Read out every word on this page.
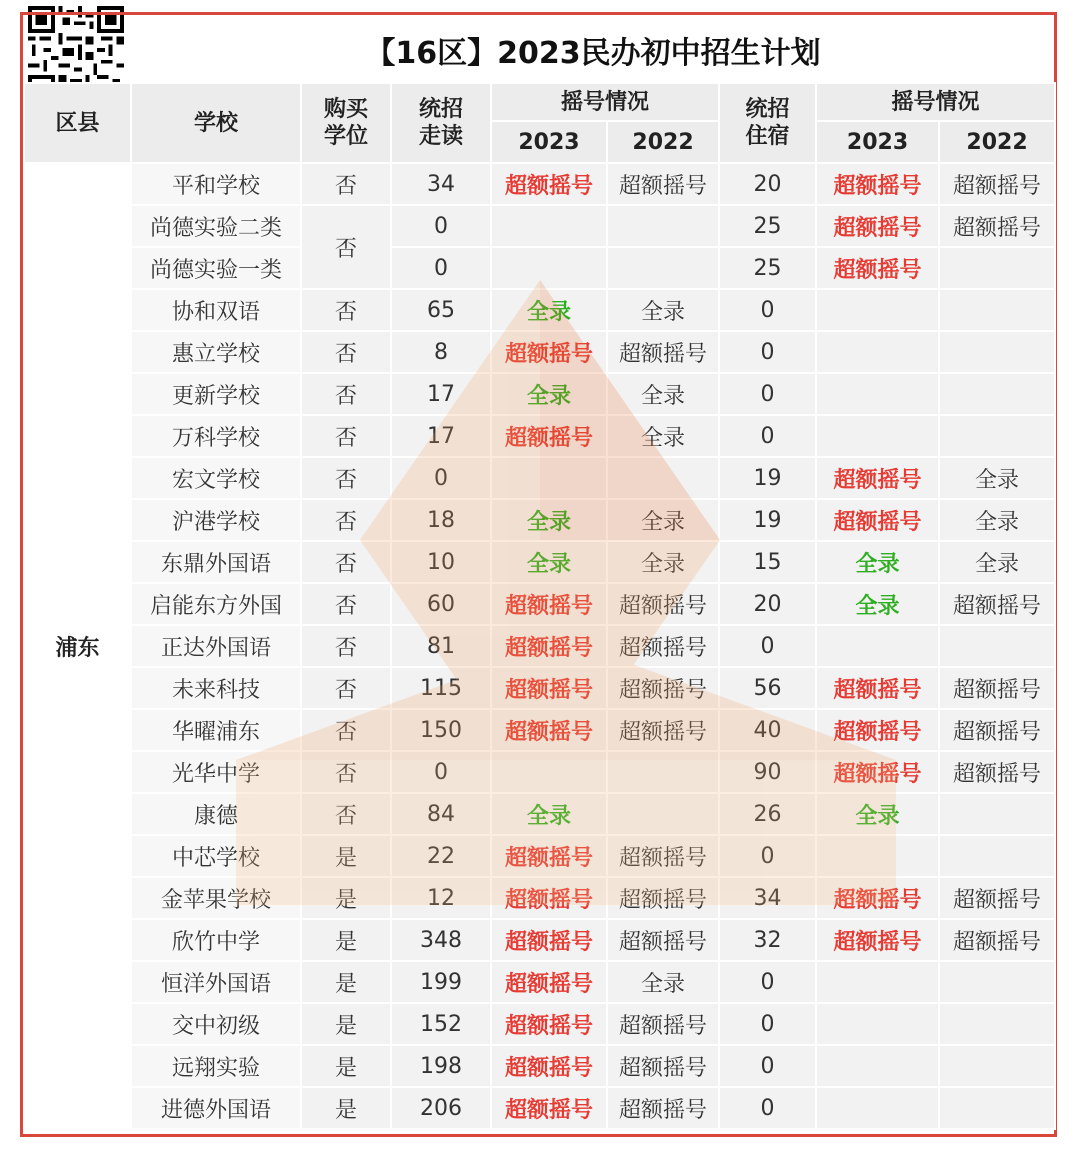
【16区】2023民办初中招生计划
区县	学校	购买学位	统招走读	摇号情况		统招住宿	摇号情况	
				2023	2022		2023	2022
浦东	平和学校	否	34	超额摇号	超额摇号	20	超额摇号	超额摇号
	尚德实验二类	否	0			25	超额摇号	超额摇号
	尚德实验一类		0			25	超额摇号	
	协和双语	否	65	全录	全录	0		
	惠立学校	否	8	超额摇号	超额摇号	0		
	更新学校	否	17	全录	全录	0		
	万科学校	否	17	超额摇号	全录	0		
	宏文学校	否	0			19	超额摇号	全录
	沪港学校	否	18	全录	全录	19	超额摇号	全录
	东鼎外国语	否	10	全录	全录	15	全录	全录
	启能东方外国	否	60	超额摇号	超额摇号	20	全录	超额摇号
	正达外国语	否	81	超额摇号	超额摇号	0		
	未来科技	否	115	超额摇号	超额摇号	56	超额摇号	超额摇号
	华曜浦东	否	150	超额摇号	超额摇号	40	超额摇号	超额摇号
	光华中学	否	0			90	超额摇号	超额摇号
	康德	否	84	全录		26	全录	
	中芯学校	是	22	超额摇号	超额摇号	0		
	金苹果学校	是	12	超额摇号	超额摇号	34	超额摇号	超额摇号
	欣竹中学	是	348	超额摇号	超额摇号	32	超额摇号	超额摇号
	恒洋外国语	是	199	超额摇号	全录	0		
	交中初级	是	152	超额摇号	超额摇号	0		
	远翔实验	是	198	超额摇号	超额摇号	0		
	进德外国语	是	206	超额摇号	超额摇号	0		
